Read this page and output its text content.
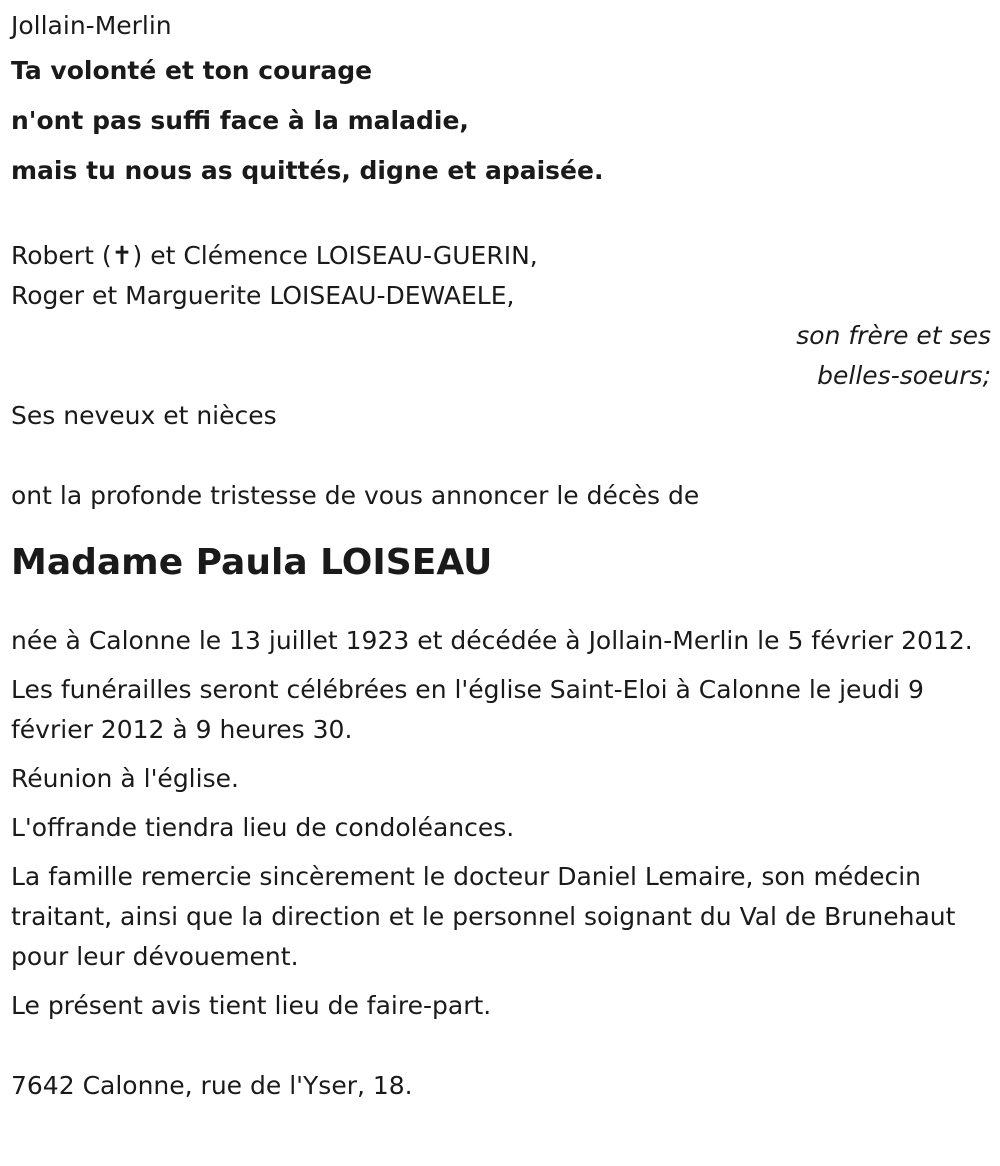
Jollain-Merlin
Ta volonté et ton courage
n'ont pas suffi face à la maladie,
mais tu nous as quittés, digne et apaisée.
Robert (✝) et Clémence LOISEAU-GUERIN,
Roger et Marguerite LOISEAU-DEWAELE,
son frère et ses
belles-soeurs;
Ses neveux et nièces
ont la profonde tristesse de vous annoncer le décès de
Madame Paula LOISEAU

née à Calonne le 13 juillet 1923 et décédée à Jollain-Merlin le 5 février 2012.

Les funérailles seront célébrées en l'église Saint-Eloi à Calonne le jeudi 9 février 2012 à 9 heures 30.

Réunion à l'église.

L'offrande tiendra lieu de condoléances.

La famille remercie sincèrement le docteur Daniel Lemaire, son médecin traitant, ainsi que la direction et le personnel soignant du Val de Brunehaut pour leur dévouement.

Le présent avis tient lieu de faire-part.

7642 Calonne, rue de l'Yser, 18.
